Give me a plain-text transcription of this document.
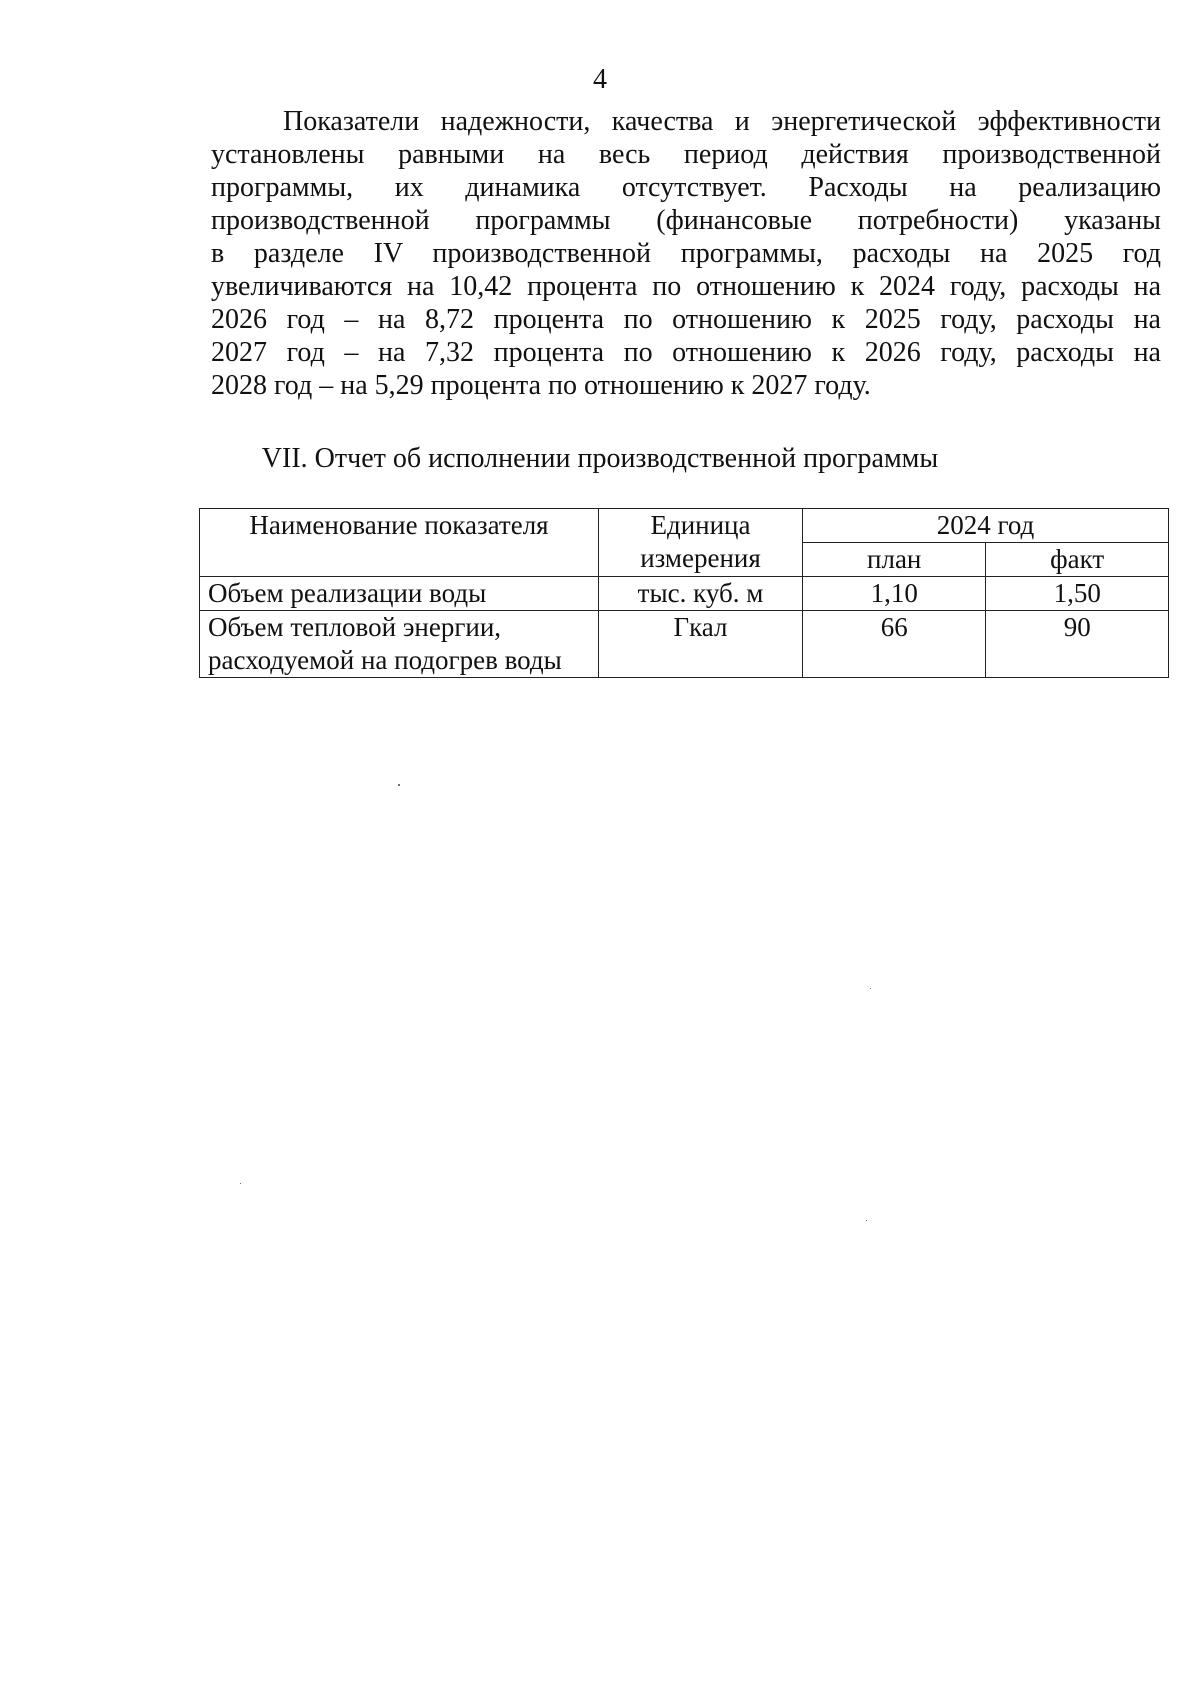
4
Показатели надежности, качества и энергетической эффективности
установлены равными на весь период действия производственной
программы, их динамика отсутствует. Расходы на реализацию
производственной программы (финансовые потребности) указаны
в разделе IV производственной программы, расходы на 2025 год
увеличиваются на 10,42 процента по отношению к 2024 году, расходы на
2026 год – на 8,72 процента по отношению к 2025 году, расходы на
2027 год – на 7,32 процента по отношению к 2026 году, расходы на
2028 год – на 5,29 процента по отношению к 2027 году.
VII. Отчет об исполнении производственной программы
Наименование показателя	Единица измерения	2024 год	
		план	факт
Объем реализации воды	тыс. куб. м	1,10	1,50
Объем тепловой энергии, расходуемой на подогрев воды	Гкал	66	90
